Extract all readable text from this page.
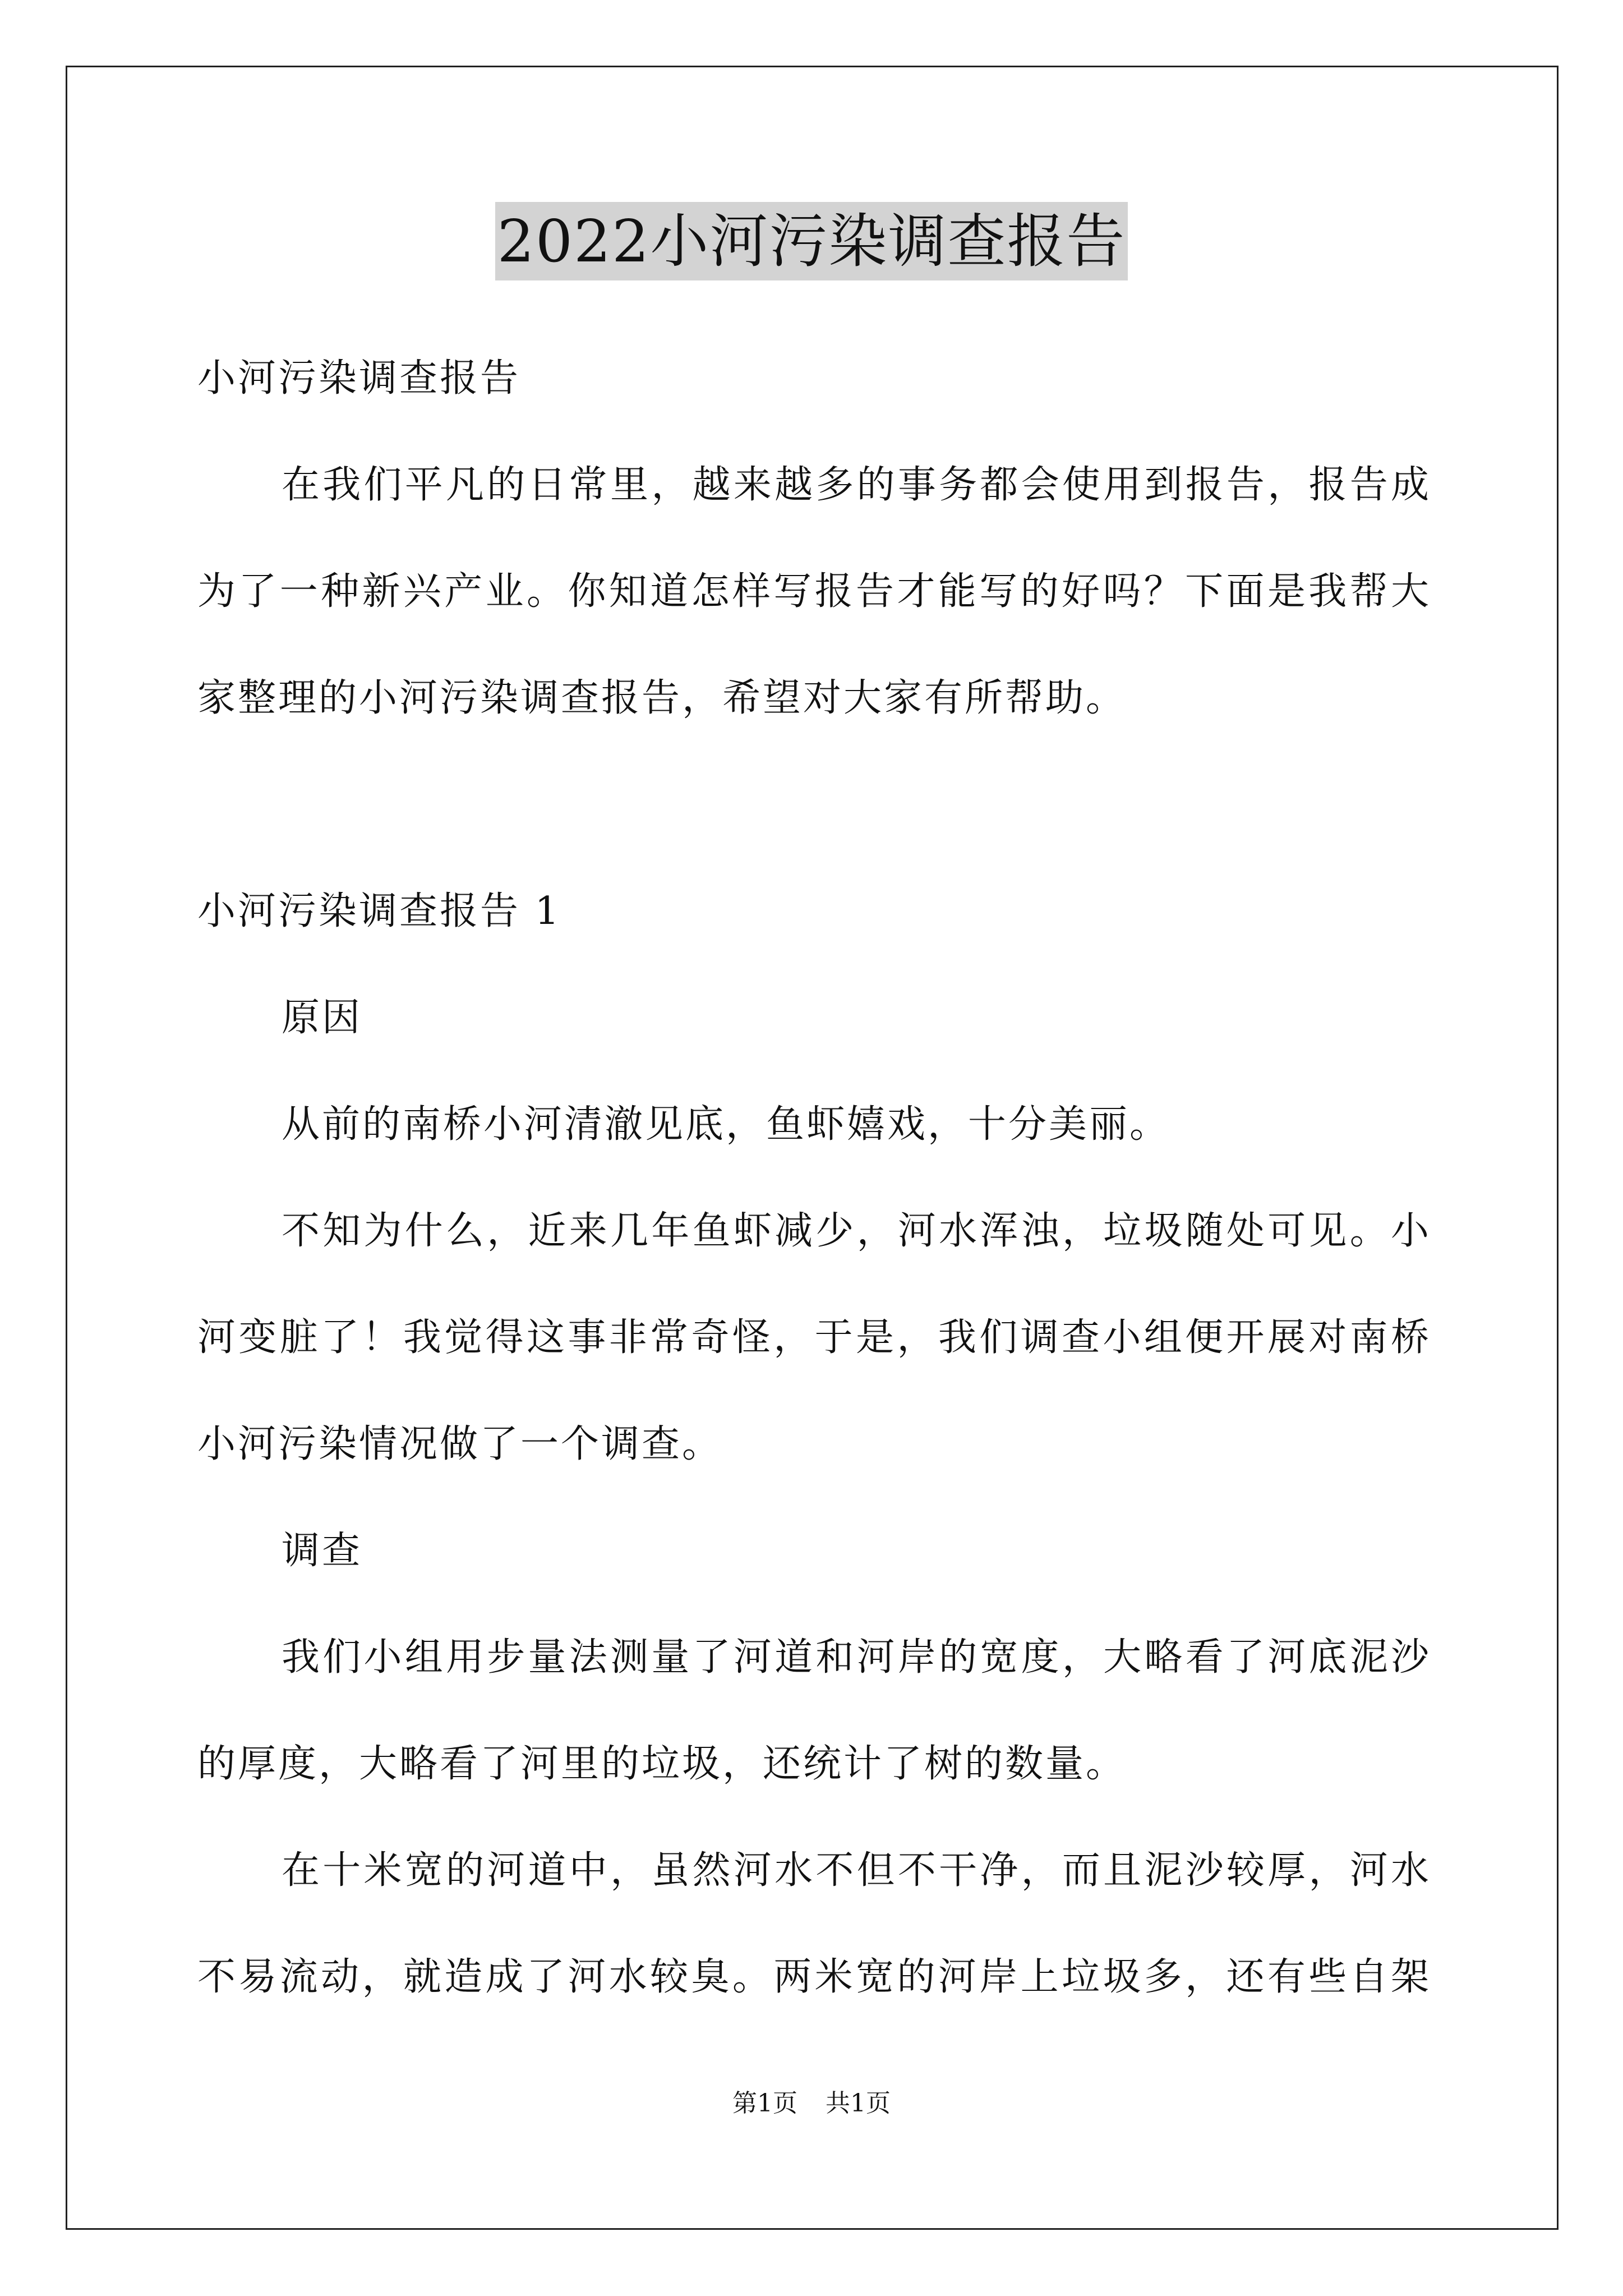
2022小河污染调查报告
小河污染调查报告
在我们平凡的日常里，越来越多的事务都会使用到报告，报告成
为了一种新兴产业。你知道怎样写报告才能写的好吗？下面是我帮大
家整理的小河污染调查报告，希望对大家有所帮助。
小河污染调查报告 1
原因
从前的南桥小河清澈见底，鱼虾嬉戏，十分美丽。
不知为什么，近来几年鱼虾减少，河水浑浊，垃圾随处可见。小
河变脏了！我觉得这事非常奇怪，于是，我们调查小组便开展对南桥
小河污染情况做了一个调查。
调查
我们小组用步量法测量了河道和河岸的宽度，大略看了河底泥沙
的厚度，大略看了河里的垃圾，还统计了树的数量。
在十米宽的河道中，虽然河水不但不干净，而且泥沙较厚，河水
不易流动，就造成了河水较臭。两米宽的河岸上垃圾多，还有些自架
第1页 共1页
